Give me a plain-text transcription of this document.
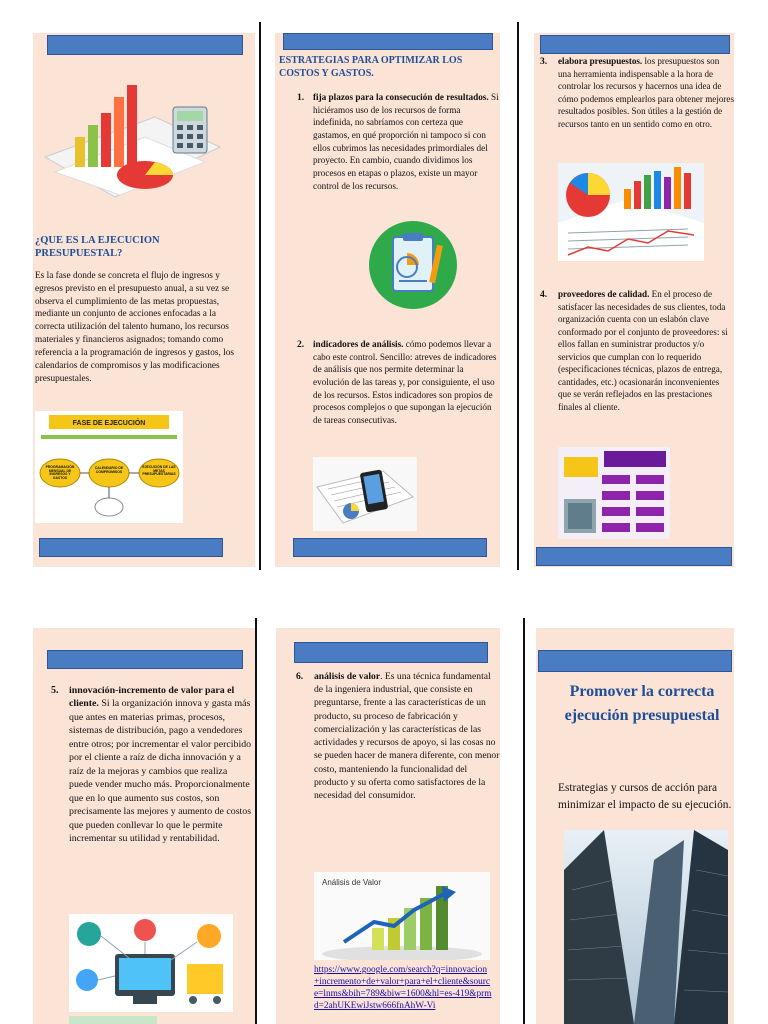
¿QUE ES LA EJECUCION PRESUPUESTAL?
Es la fase donde se concreta el flujo de ingresos y egresos previsto en el presupuesto anual, a su vez se observa el cumplimiento de las metas propuestas, mediante un conjunto de acciones enfocadas a la correcta utilización del talento humano, los recursos materiales y financieros asignados; tomando como referencia a la programación de ingresos y gastos, los calendarios de compromisos y las modificaciones presupuestales.
FASE DE EJECUCIÓN
PROGRAMACIÓN MENSUAL DE INGRESOS Y GASTOS
CALENDARIO DE COMPROMISOS
EJECUCIÓN DE LAS METAS PRESUPUESTARIAS
ESTRATEGIAS PARA OPTIMIZAR LOS COSTOS Y GASTOS.
1. fija plazos para la consecución de resultados. Si hiciéramos uso de los recursos de forma indefinida, no sabríamos con certeza que gastamos, en qué proporción ni tampoco si con ellos cubrimos las necesidades primordiales del proyecto. En cambio, cuando dividimos los procesos en etapas o plazos, existe un mayor control de los recursos.
2. indicadores de análisis. cómo podemos llevar a cabo este control. Sencillo: atreves de indicadores de análisis que nos permite determinar la evolución de las tareas y, por consiguiente, el uso de los recursos. Estos indicadores son propios de procesos complejos o que supongan la ejecución de tareas consecutivas.
3. elabora presupuestos. los presupuestos son una herramienta indispensable a la hora de controlar los recursos y hacernos una idea de cómo podemos emplearlos para obtener mejores resultados posibles. Son útiles a la gestión de recursos tanto en un sentido como en otro.
4. proveedores de calidad. En el proceso de satisfacer las necesidades de sus clientes, toda organización cuenta con un eslabón clave conformado por el conjunto de proveedores: si ellos fallan en suministrar productos y/o servicios que cumplan con lo requerido (especificaciones técnicas, plazos de entrega, cantidades, etc.) ocasionarán inconvenientes que se verán reflejados en las prestaciones finales al cliente.
5. innovación-incremento de valor para el cliente. Si la organización innova y gasta más que antes en materias primas, procesos, sistemas de distribución, pago a vendedores entre otros; por incrementar el valor percibido por el cliente a raíz de dicha innovación y a raíz de la mejoras y cambios que realiza puede vender mucho más. Proporcionalmente que en lo que aumento sus costos, son precisamente las mejores y aumento de costos que pueden conllevar lo que le permite incrementar su utilidad y rentabilidad.
6. análisis de valor. Es una técnica fundamental de la ingeniera industrial, que consiste en preguntarse, frente a las características de un producto, su proceso de fabricación y comercialización y las características de las actividades y recursos de apoyo, si las cosas no se pueden hacer de manera diferente, con menor costo, manteniendo la funcionalidad del producto y su oferta como satisfactores de la necesidad del consumidor.
Análisis de Valor
https://www.google.com/search?q=innovacion+incremento+de+valor+para+el+cliente&source=lnms&bih=789&biw=1600&hl=es-419&prmd=2ahUKEwiJstw666fnAhW-Vi
Promover la correcta ejecución presupuestal
Estrategias y cursos de acción para minimizar el impacto de su ejecución.
